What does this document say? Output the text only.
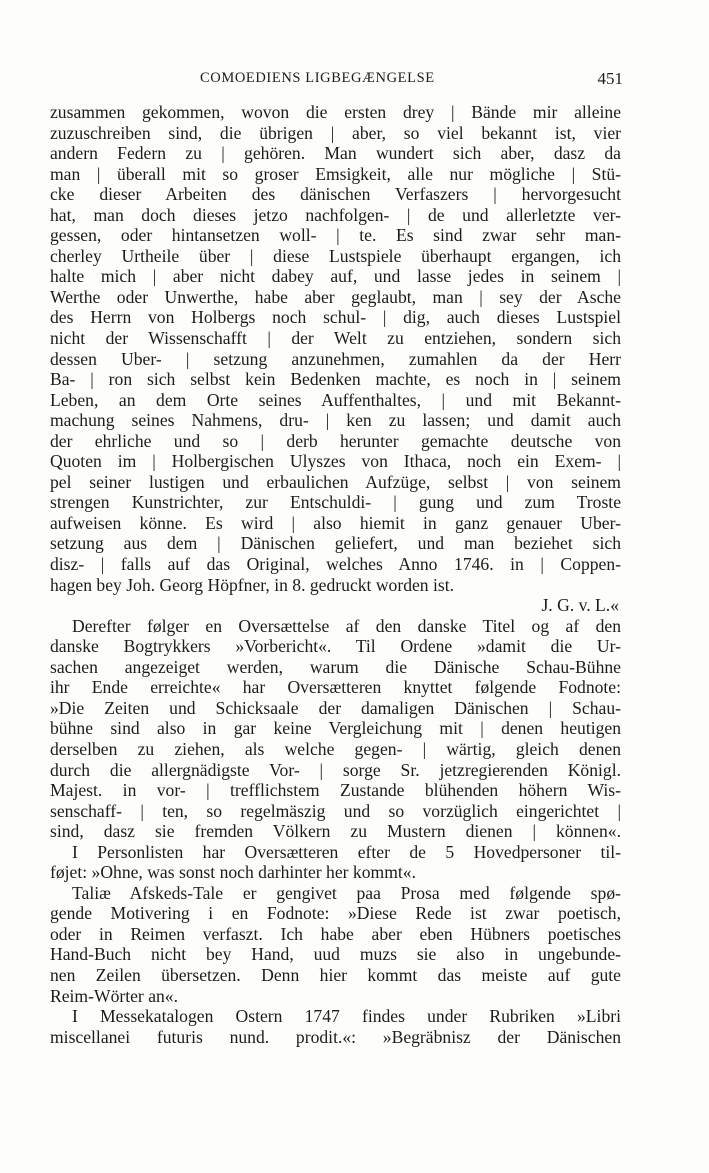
COMOEDIENS LIGBEGÆNGELSE	451
zusammen gekommen, wovon die ersten drey | Bände mir alleine
zuzuschreiben sind, die übrigen | aber, so viel bekannt ist, vier
andern Federn zu | gehören. Man wundert sich aber, dasz da
man | überall mit so groser Emsigkeit, alle nur mögliche | Stü-
cke dieser Arbeiten des dänischen Verfaszers | hervorgesucht
hat, man doch dieses jetzo nachfolgen- | de und allerletzte ver-
gessen, oder hintansetzen woll- | te. Es sind zwar sehr man-
cherley Urtheile über | diese Lustspiele überhaupt ergangen, ich
halte mich | aber nicht dabey auf, und lasse jedes in seinem |
Werthe oder Unwerthe, habe aber geglaubt, man | sey der Asche
des Herrn von Holbergs noch schul- | dig, auch dieses Lustspiel
nicht der Wissenschafft | der Welt zu entziehen, sondern sich
dessen Uber- | setzung anzunehmen, zumahlen da der Herr
Ba- | ron sich selbst kein Bedenken machte, es noch in | seinem
Leben, an dem Orte seines Auffenthaltes, | und mit Bekannt-
machung seines Nahmens, dru- | ken zu lassen; und damit auch
der ehrliche und so | derb herunter gemachte deutsche von
Quoten im | Holbergischen Ulyszes von Ithaca, noch ein Exem- |
pel seiner lustigen und erbaulichen Aufzüge, selbst | von seinem
strengen Kunstrichter, zur Entschuldi- | gung und zum Troste
aufweisen könne. Es wird | also hiemit in ganz genauer Uber-
setzung aus dem | Dänischen geliefert, und man beziehet sich
disz- | falls auf das Original, welches Anno 1746. in | Coppen-
hagen bey Joh. Georg Höpfner, in 8. gedruckt worden ist.
J. G. v. L.«
Derefter følger en Oversættelse af den danske Titel og af den
danske Bogtrykkers »Vorbericht«. Til Ordene »damit die Ur-
sachen angezeiget werden, warum die Dänische Schau-Bühne
ihr Ende erreichte« har Oversætteren knyttet følgende Fodnote:
»Die Zeiten und Schicksaale der damaligen Dänischen | Schau-
bühne sind also in gar keine Vergleichung mit | denen heutigen
derselben zu ziehen, als welche gegen- | wärtig, gleich denen
durch die allergnädigste Vor- | sorge Sr. jetzregierenden Königl.
Majest. in vor- | trefflichstem Zustande blühenden höhern Wis-
senschaff- | ten, so regelmäszig und so vorzüglich eingerichtet |
sind, dasz sie fremden Völkern zu Mustern dienen | können«.
I Personlisten har Oversætteren efter de 5 Hovedpersoner til-
føjet: »Ohne, was sonst noch darhinter her kommt«.
Taliæ Afskeds-Tale er gengivet paa Prosa med følgende spø-
gende Motivering i en Fodnote: »Diese Rede ist zwar poetisch,
oder in Reimen verfaszt. Ich habe aber eben Hübners poetisches
Hand-Buch nicht bey Hand, uud muzs sie also in ungebunde-
nen Zeilen übersetzen. Denn hier kommt das meiste auf gute
Reim-Wörter an«.
I Messekatalogen Ostern 1747 findes under Rubriken »Libri
miscellanei futuris nund. prodit.«: »Begräbnisz der Dänischen
